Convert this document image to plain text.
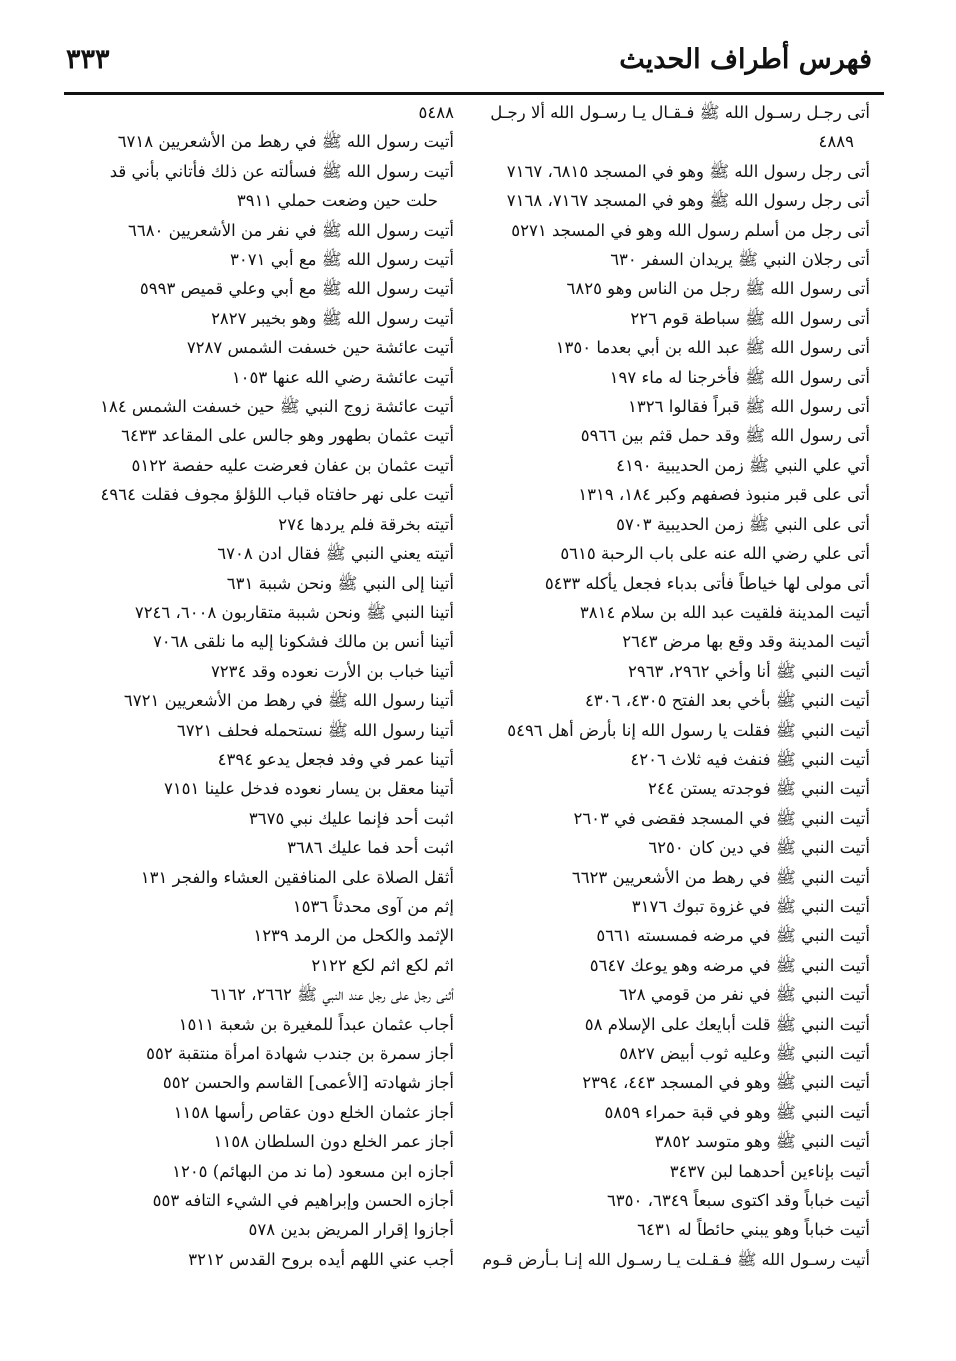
٣٣٣	فهرس أطراف الحديث
أتى رجـل رسـول الله ﷺ فـقـال يـا رسـول الله ألا رجـل ٤٨٨٩
أتى رجل رسول الله ﷺ وهو في المسجد ٦٨١٥، ٧١٦٧
أتى رجل رسول الله ﷺ وهو في المسجد ٧١٦٧، ٧١٦٨
أتى رجل من أسلم رسول الله وهو في المسجد ٥٢٧١
أتى رجلان النبي ﷺ يريدان السفر ٦٣٠
أتى رسول الله ﷺ رجل من الناس وهو ٦٨٢٥
أتى رسول الله ﷺ سباطة قوم ٢٢٦
أتى رسول الله ﷺ عبد الله بن أبي بعدما ١٣٥٠
أتى رسول الله ﷺ فأخرجنا له ماء ١٩٧
أتى رسول الله ﷺ قبراً فقالوا ١٣٢٦
أتى رسول الله ﷺ وقد حمل قثم بين ٥٩٦٦
أتي علي النبي ﷺ زمن الحديبية ٤١٩٠
أتى على قبر منبوذ فصفهم وكبر ١٨٤، ١٣١٩
أتى على النبي ﷺ زمن الحديبية ٥٧٠٣
أتى علي رضي الله عنه على باب الرحبة ٥٦١٥
أتى مولى لها خياطاً فأتى بدباء فجعل يأكله ٥٤٣٣
أتيت المدينة فلقيت عبد الله بن سلام ٣٨١٤
أتيت المدينة وقد وقع بها مرض ٢٦٤٣
أتيت النبي ﷺ أنا وأخي ٢٩٦٢، ٢٩٦٣
أتيت النبي ﷺ بأخي بعد الفتح ٤٣٠٥، ٤٣٠٦
أتيت النبي ﷺ فقلت يا رسول الله إنا بأرض أهل ٥٤٩٦
أتيت النبي ﷺ فنفث فيه ثلاث ٤٢٠٦
أتيت النبي ﷺ فوجدته يستن ٢٤٤
أتيت النبي ﷺ في المسجد فقضى في ٢٦٠٣
أتيت النبي ﷺ في دين كان ٦٢٥٠
أتيت النبي ﷺ في رهط من الأشعريين ٦٦٢٣
أتيت النبي ﷺ في غزوة تبوك ٣١٧٦
أتيت النبي ﷺ في مرضه فمسسته ٥٦٦١
أتيت النبي ﷺ في مرضه وهو يوعك ٥٦٤٧
أتيت النبي ﷺ في نفر من قومي ٦٢٨
أتيت النبي ﷺ قلت أبايعك على الإسلام ٥٨
أتيت النبي ﷺ وعليه ثوب أبيض ٥٨٢٧
أتيت النبي ﷺ وهو في المسجد ٤٤٣، ٢٣٩٤
أتيت النبي ﷺ وهو في قبة حمراء ٥٨٥٩
أتيت النبي ﷺ وهو متوسد ٣٨٥٢
أتيت بإناءين أحدهما لبن ٣٤٣٧
أتيت خباباً وقد اكتوى سبعاً ٦٣٤٩، ٦٣٥٠
أتيت خباباً وهو يبني حائطاً له ٦٤٣١
أتيت رسـول الله ﷺ فـقـلت يـا رسـول الله إنـا بـأرض قـوم
٥٤٨٨
أتيت رسول الله ﷺ في رهط من الأشعريين ٦٧١٨
أتيت رسول الله ﷺ فسألته عن ذلك فأتاني بأني قد حلت حين وضعت حملي ٣٩١١
أتيت رسول الله ﷺ في نفر من الأشعريين ٦٦٨٠
أتيت رسول الله ﷺ مع أبي ٣٠٧١
أتيت رسول الله ﷺ مع أبي وعلي قميص ٥٩٩٣
أتيت رسول الله ﷺ وهو بخيبر ٢٨٢٧
أتيت عائشة حين خسفت الشمس ٧٢٨٧
أتيت عائشة رضي الله عنها ١٠٥٣
أتيت عائشة زوج النبي ﷺ حين خسفت الشمس ١٨٤
أتيت عثمان بطهور وهو جالس على المقاعد ٦٤٣٣
أتيت عثمان بن عفان فعرضت عليه حفصة ٥١٢٢
أتيت على نهر حافتاه قباب اللؤلؤ مجوف فقلت ٤٩٦٤
أتيته بخرقة فلم يردها ٢٧٤
أتيته يعني النبي ﷺ فقال ادن ٦٧٠٨
أتينا إلى النبي ﷺ ونحن شببة ٦٣١
أتينا النبي ﷺ ونحن شببة متقاربون ٦٠٠٨، ٧٢٤٦
أتينا أنس بن مالك فشكونا إليه ما نلقى ٧٠٦٨
أتينا خباب بن الأرت نعوده وقد ٧٢٣٤
أتينا رسول الله ﷺ في رهط من الأشعريين ٦٧٢١
أتينا رسول الله ﷺ نستحمله فحلف ٦٧٢١
أتينا عمر في وفد فجعل يدعو ٤٣٩٤
أتينا معقل بن يسار نعوده فدخل علينا ٧١٥١
اثبت أحد فإنما عليك نبي ٣٦٧٥
اثبت أحد فما عليك ٣٦٨٦
أثقل الصلاة على المنافقين العشاء والفجر ١٣١
إثم من آوى محدثاً ١٥٣٦
الإثمد والكحل من الرمد ١٢٣٩
اثم لكع اثم لكع ٢١٢٢
أثنى رجل على رجل عند النبي ﷺ ٢٦٦٢، ٦١٦٢
أجاب عثمان عبداً للمغيرة بن شعبة ١٥١١
أجاز سمرة بن جندب شهادة امرأة منتقبة ٥٥٢
أجاز شهادته [الأعمى] القاسم والحسن ٥٥٢
أجاز عثمان الخلع دون عقاص رأسها ١١٥٨
أجاز عمر الخلع دون السلطان ١١٥٨
أجازه ابن مسعود (ما ند من البهائم) ١٢٠٥
أجازه الحسن وإبراهيم في الشيء التافه ٥٥٣
أجازوا إقرار المريض بدين ٥٧٨
أجب عني اللهم أيده بروح القدس ٣٢١٢
